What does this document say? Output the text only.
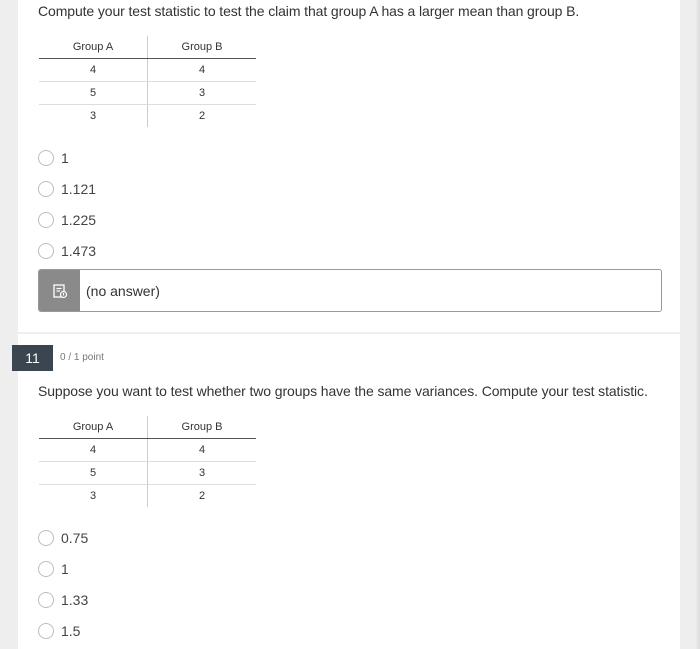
Compute your test statistic to test the claim that group A has a larger mean than group B.
Group A	Group B
4	4
5	3
3	2
1
1.121
1.225
1.473
(no answer)
11	0 / 1 point
Suppose you want to test whether two groups have the same variances. Compute your test statistic.
Group A	Group B
4	4
5	3
3	2
0.75
1
1.33
1.5
